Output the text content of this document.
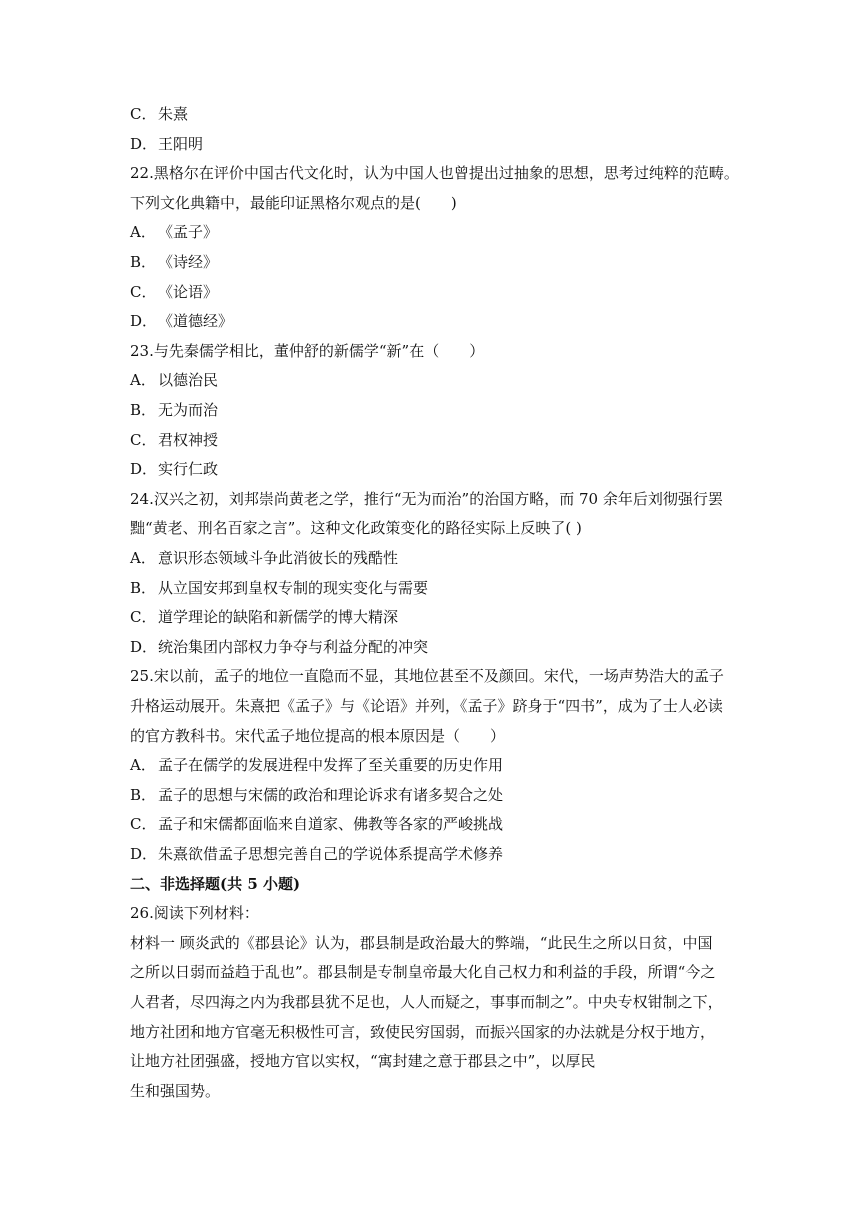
C． 朱熹
D．王阳明
22.黑格尔在评价中国古代文化时，认为中国人也曾提出过抽象的思想，思考过纯粹的范畴。
下列文化典籍中，最能印证黑格尔观点的是(　　)
A． 《孟子》
B． 《诗经》
C． 《论语》
D．《道德经》
23.与先秦儒学相比，董仲舒的新儒学“新”在（　　）
A． 以德治民
B． 无为而治
C． 君权神授
D．实行仁政
24.汉兴之初，刘邦崇尚黄老之学，推行“无为而治”的治国方略，而 70 余年后刘彻强行罢
黜“黄老、刑名百家之言”。这种文化政策变化的路径实际上反映了( )
A． 意识形态领域斗争此消彼长的残酷性
B． 从立国安邦到皇权专制的现实变化与需要
C． 道学理论的缺陷和新儒学的博大精深
D．统治集团内部权力争夺与利益分配的冲突
25.宋以前，孟子的地位一直隐而不显，其地位甚至不及颜回。宋代，一场声势浩大的孟子
升格运动展开。朱熹把《孟子》与《论语》并列，《孟子》跻身于“四书”，成为了士人必读
的官方教科书。宋代孟子地位提高的根本原因是（　　）
A． 孟子在儒学的发展进程中发挥了至关重要的历史作用
B． 孟子的思想与宋儒的政治和理论诉求有诸多契合之处
C． 孟子和宋儒都面临来自道家、佛教等各家的严峻挑战
D．朱熹欲借孟子思想完善自己的学说体系提高学术修养
二、非选择题(共 5 小题)
26.阅读下列材料：
材料一 顾炎武的《郡县论》认为，郡县制是政治最大的弊端，“此民生之所以日贫，中国
之所以日弱而益趋于乱也”。郡县制是专制皇帝最大化自己权力和利益的手段，所谓“今之
人君者，尽四海之内为我郡县犹不足也，人人而疑之，事事而制之”。中央专权钳制之下，
地方社团和地方官毫无积极性可言，致使民穷国弱，而振兴国家的办法就是分权于地方，
让地方社团强盛，授地方官以实权，“寓封建之意于郡县之中”，以厚民
生和强国势。
